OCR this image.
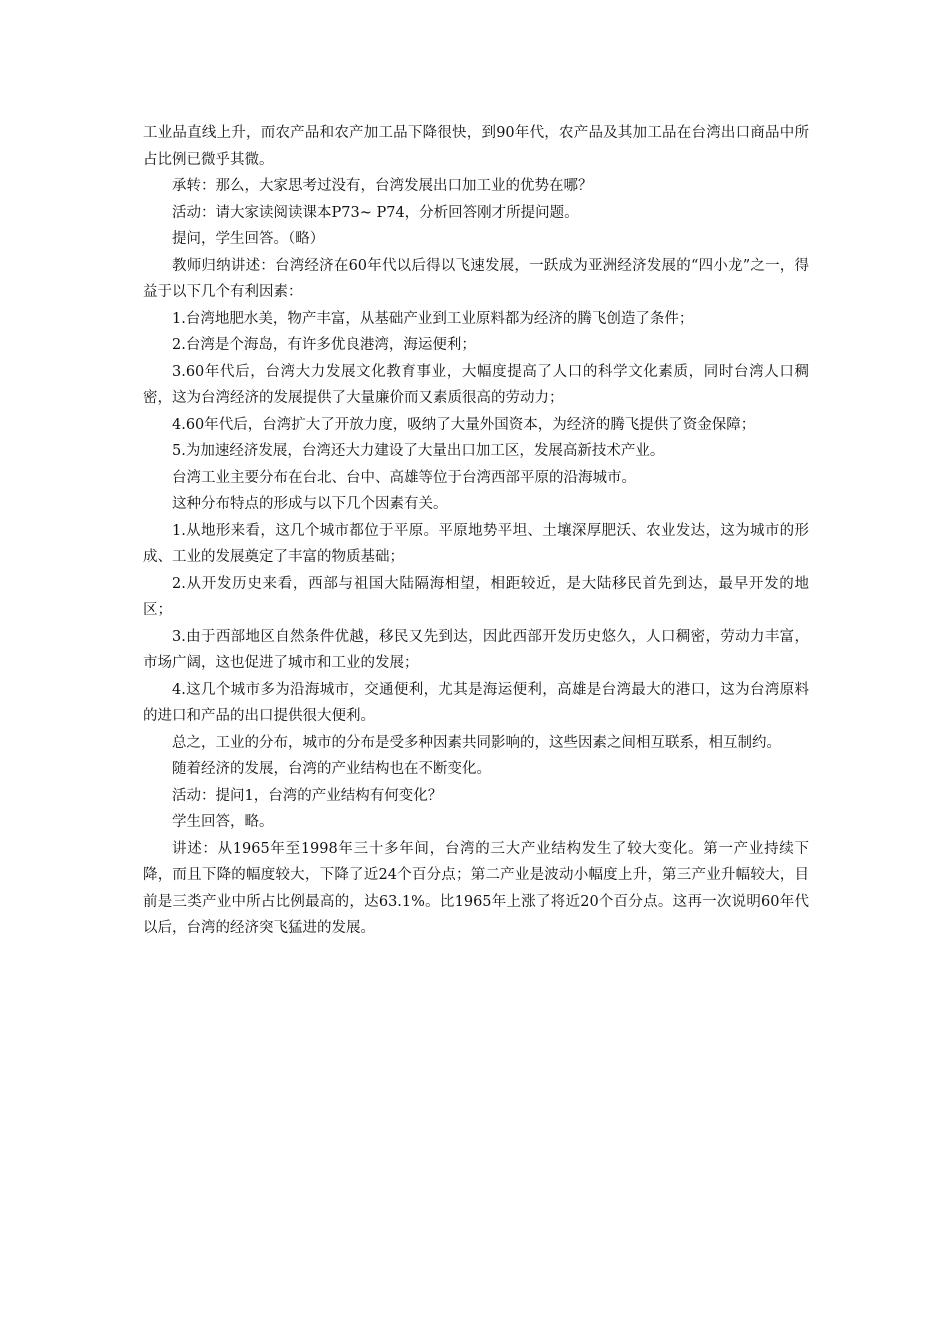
工业品直线上升，而农产品和农产加工品下降很快，到90年代，农产品及其加工品在台湾出口商品中所占比例已微乎其微。

承转：那么，大家思考过没有，台湾发展出口加工业的优势在哪？

活动：请大家读阅读课本P73~ P74，分析回答刚才所提问题。

提问，学生回答。（略）

教师归纳讲述：台湾经济在60年代以后得以飞速发展，一跃成为亚洲经济发展的“四小龙”之一，得益于以下几个有利因素：

1.台湾地肥水美，物产丰富，从基础产业到工业原料都为经济的腾飞创造了条件；

2.台湾是个海岛，有许多优良港湾，海运便利；

3.60年代后，台湾大力发展文化教育事业，大幅度提高了人口的科学文化素质，同时台湾人口稠密，这为台湾经济的发展提供了大量廉价而又素质很高的劳动力；

4.60年代后，台湾扩大了开放力度，吸纳了大量外国资本，为经济的腾飞提供了资金保障；

5.为加速经济发展，台湾还大力建设了大量出口加工区，发展高新技术产业。

台湾工业主要分布在台北、台中、高雄等位于台湾西部平原的沿海城市。

这种分布特点的形成与以下几个因素有关。

1.从地形来看，这几个城市都位于平原。平原地势平坦、土壤深厚肥沃、农业发达，这为城市的形成、工业的发展奠定了丰富的物质基础；

2.从开发历史来看，西部与祖国大陆隔海相望，相距较近，是大陆移民首先到达，最早开发的地区；

3.由于西部地区自然条件优越，移民又先到达，因此西部开发历史悠久，人口稠密，劳动力丰富，市场广阔，这也促进了城市和工业的发展；

4.这几个城市多为沿海城市，交通便利，尤其是海运便利，高雄是台湾最大的港口，这为台湾原料的进口和产品的出口提供很大便利。

总之，工业的分布，城市的分布是受多种因素共同影响的，这些因素之间相互联系，相互制约。

随着经济的发展，台湾的产业结构也在不断变化。

活动：提问1，台湾的产业结构有何变化？

学生回答，略。

讲述：从1965年至1998年三十多年间，台湾的三大产业结构发生了较大变化。第一产业持续下降，而且下降的幅度较大，下降了近24个百分点；第二产业是波动小幅度上升，第三产业升幅较大，目前是三类产业中所占比例最高的，达63.1%。比1965年上涨了将近20个百分点。这再一次说明60年代以后，台湾的经济突飞猛进的发展。
